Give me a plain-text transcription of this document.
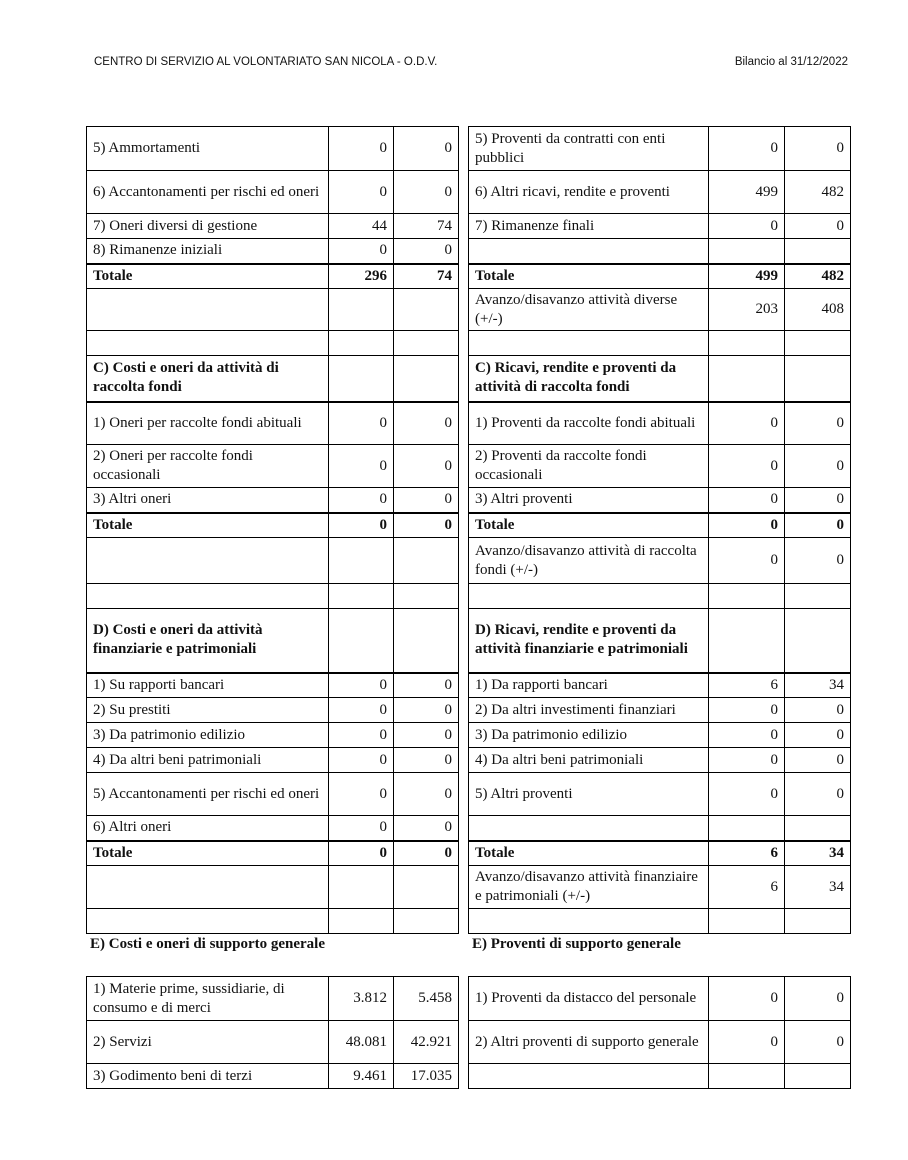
CENTRO DI SERVIZIO AL VOLONTARIATO SAN NICOLA - O.D.V.	Bilancio al 31/12/2022
5) Ammortamenti	0	0
6) Accantonamenti per rischi ed oneri	0	0
7) Oneri diversi di gestione	44	74
8) Rimanenze iniziali	0	0
Totale	296	74

C) Costi e oneri da attività di raccolta fondi		
1) Oneri per raccolte fondi abituali	0	0
2) Oneri per raccolte fondi occasionali	0	0
3) Altri oneri	0	0
Totale	0	0

D) Costi e oneri da attività finanziarie e patrimoniali		
1) Su rapporti bancari	0	0
2) Su prestiti	0	0
3) Da patrimonio edilizio	0	0
4) Da altri beni patrimoniali	0	0
5) Accantonamenti per rischi ed oneri	0	0
6) Altri oneri	0	0
Totale	0	0

5) Proventi da contratti con enti pubblici	0	0
6) Altri ricavi, rendite e proventi	499	482
7) Rimanenze finali	0	0

Totale	499	482
Avanzo/disavanzo attività diverse (+/-)	203	408

C) Ricavi, rendite e proventi da attività di raccolta fondi		
1) Proventi da raccolte fondi abituali	0	0
2) Proventi da raccolte fondi occasionali	0	0
3) Altri proventi	0	0
Totale	0	0
Avanzo/disavanzo attività di raccolta fondi (+/-)	0	0

D) Ricavi, rendite e proventi da attività finanziarie e patrimoniali		
1) Da rapporti bancari	6	34
2) Da altri investimenti finanziari	0	0
3) Da patrimonio edilizio	0	0
4) Da altri beni patrimoniali	0	0
5) Altri proventi	0	0

Totale	6	34
Avanzo/disavanzo attività finanziaire e patrimoniali (+/-)	6	34

E) Costi e oneri di supporto generale	E) Proventi di supporto generale
1) Materie prime, sussidiarie, di consumo e di merci	3.812	5.458
2) Servizi	48.081	42.921
3) Godimento beni di terzi	9.461	17.035
1) Proventi da distacco del personale	0	0
2) Altri proventi di supporto generale	0	0
